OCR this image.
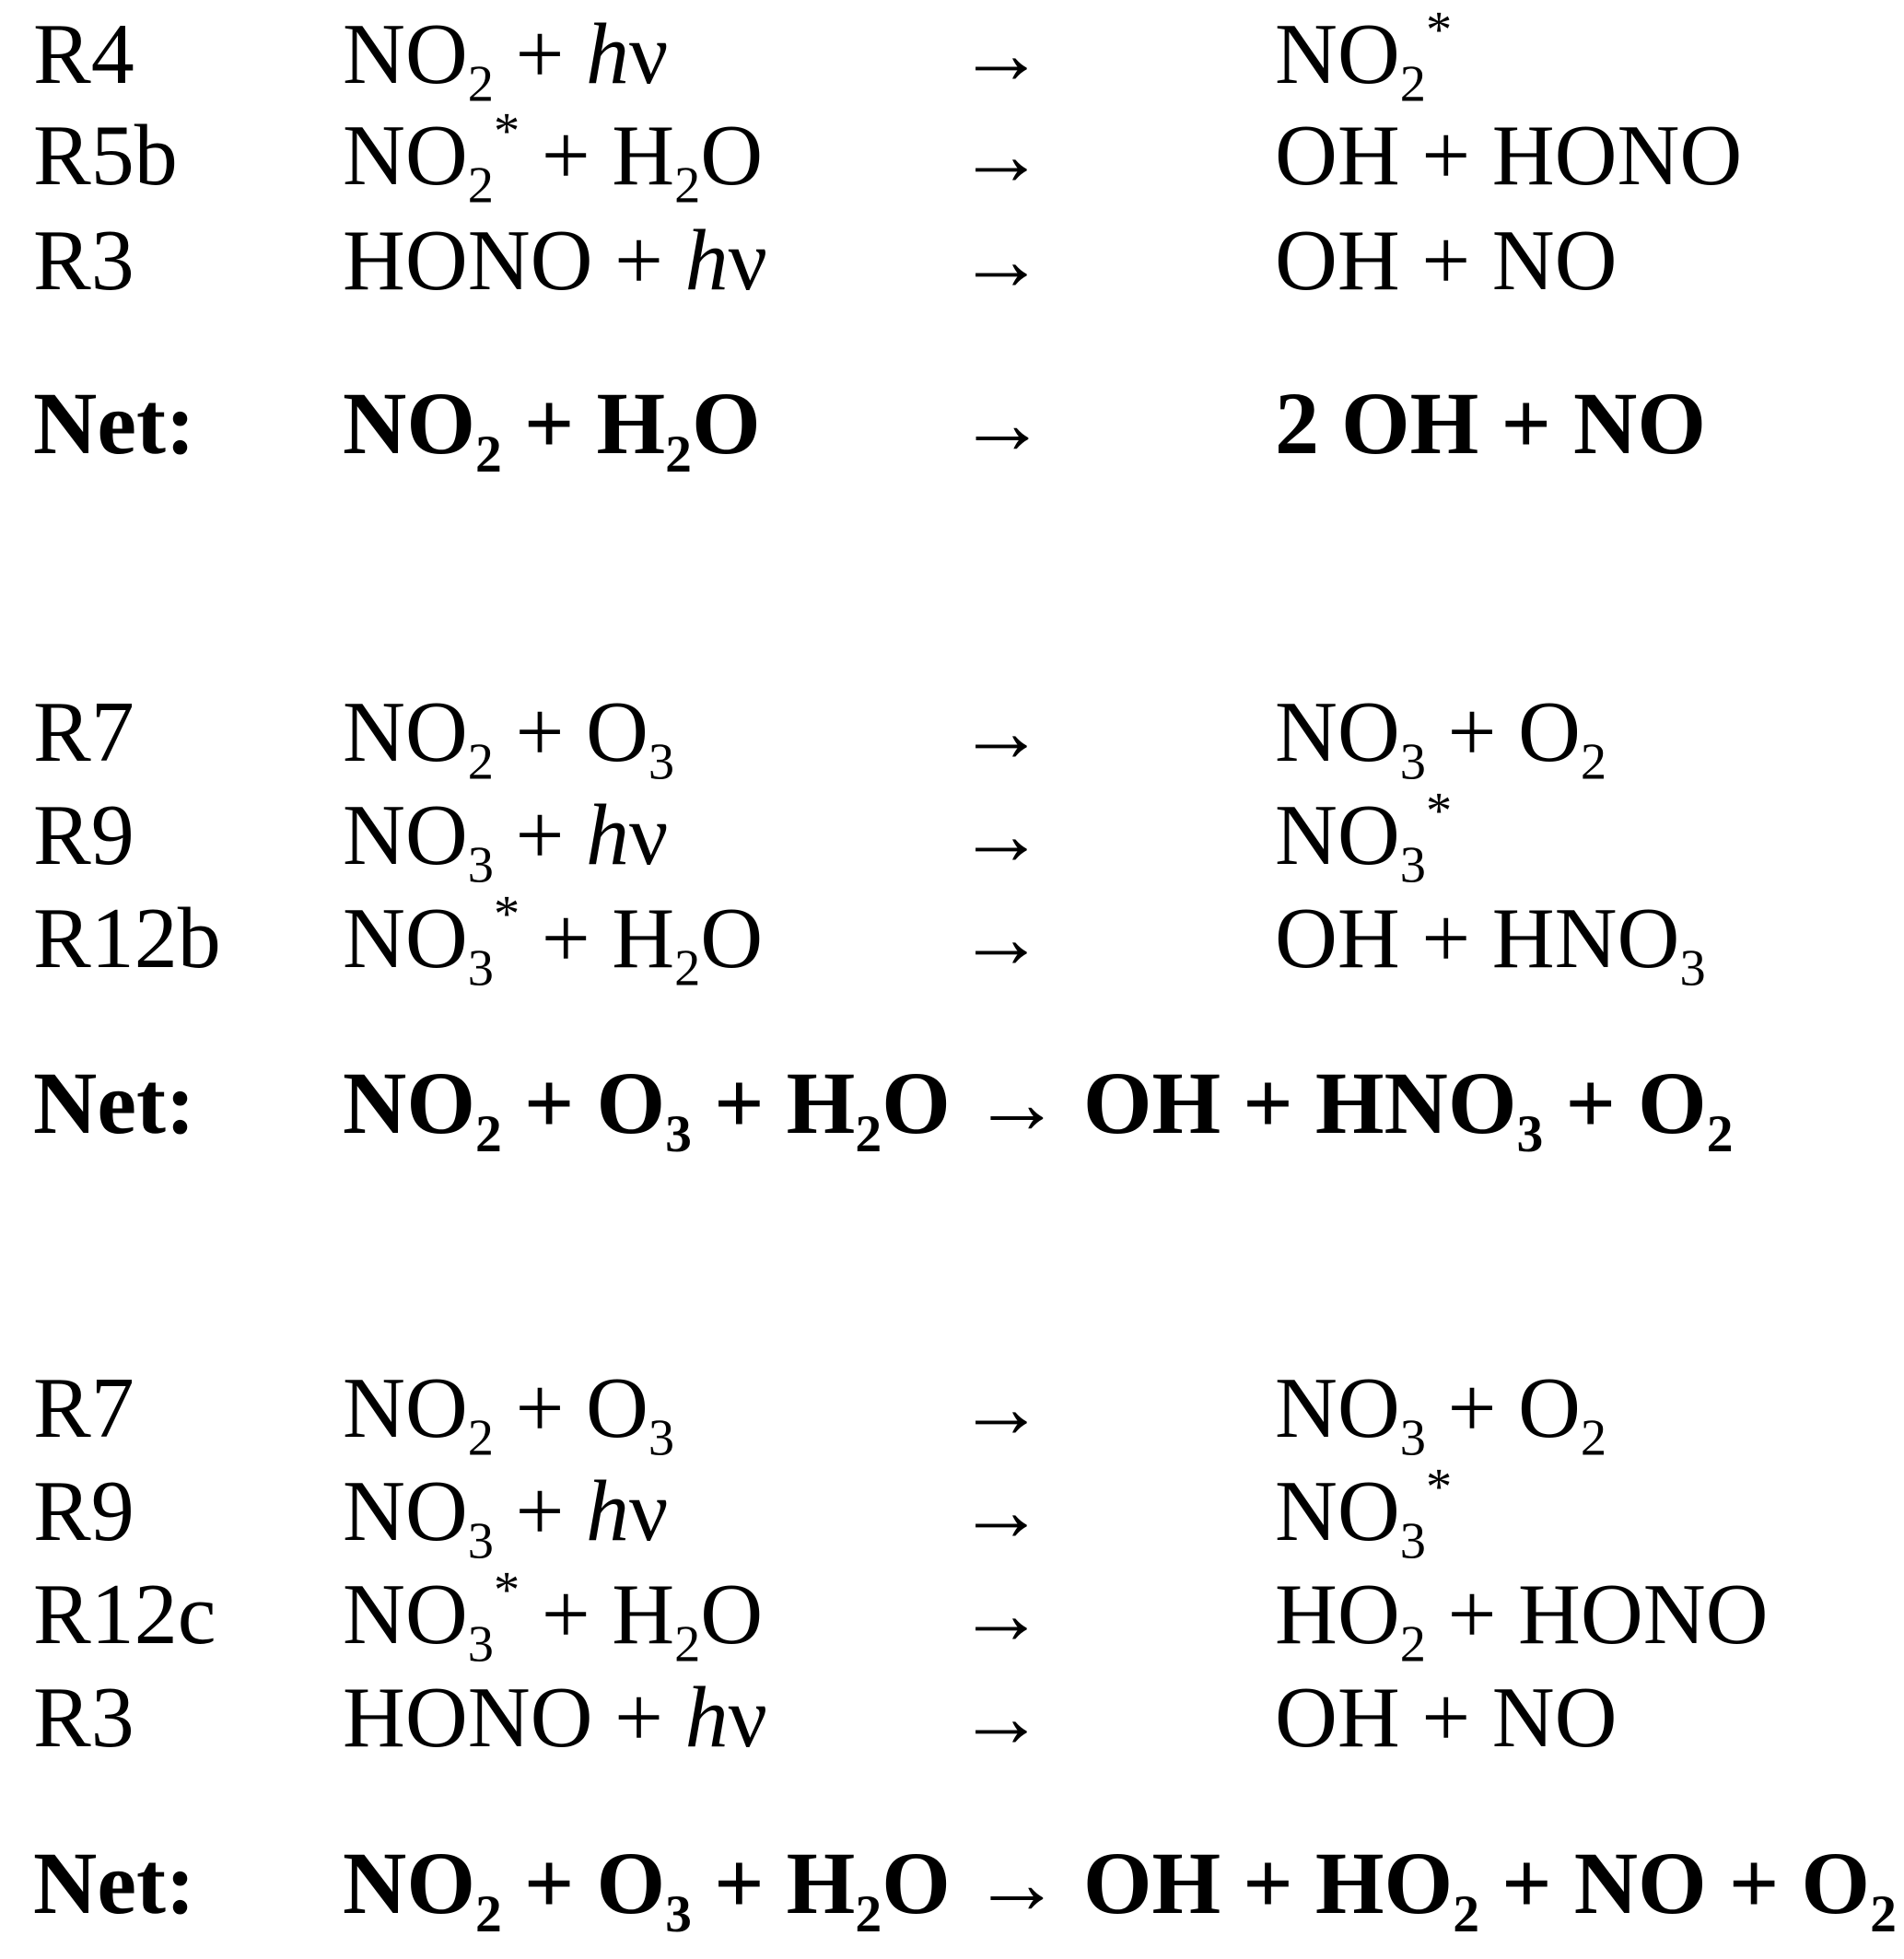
R4 $NO_2 + h\nu$	→	$NO_2^*$
R5b $NO_2^* + H_2O$ →	OH + HONO
R3 HONO + hν →	OH + NO
Net: $NO_2 + H_2O$ →	2 OH + NO
R7 $NO_2 + O_3$	→	$NO_3 + O_2$
R9 $NO_3 + h\nu$	→	$NO_3^*$
R12b $NO_3^* + H_2O$ →	OH + $HNO_3$
Net: $NO_2 + O_3 + H_2O$ → OH + $HNO_3 + O_2$
R7 $NO_2 + O_3$	→	$NO_3 + O_2$
R9 $NO_3 + h\nu$	→	$NO_3^*$
R12c $NO_3^* + H_2O$ →	$HO_2$ + HONO
R3 HONO + hν →	OH + NO
Net: $NO_2 + O_3 + H_2O$ → OH + $HO_2$ + NO + $O_2$
